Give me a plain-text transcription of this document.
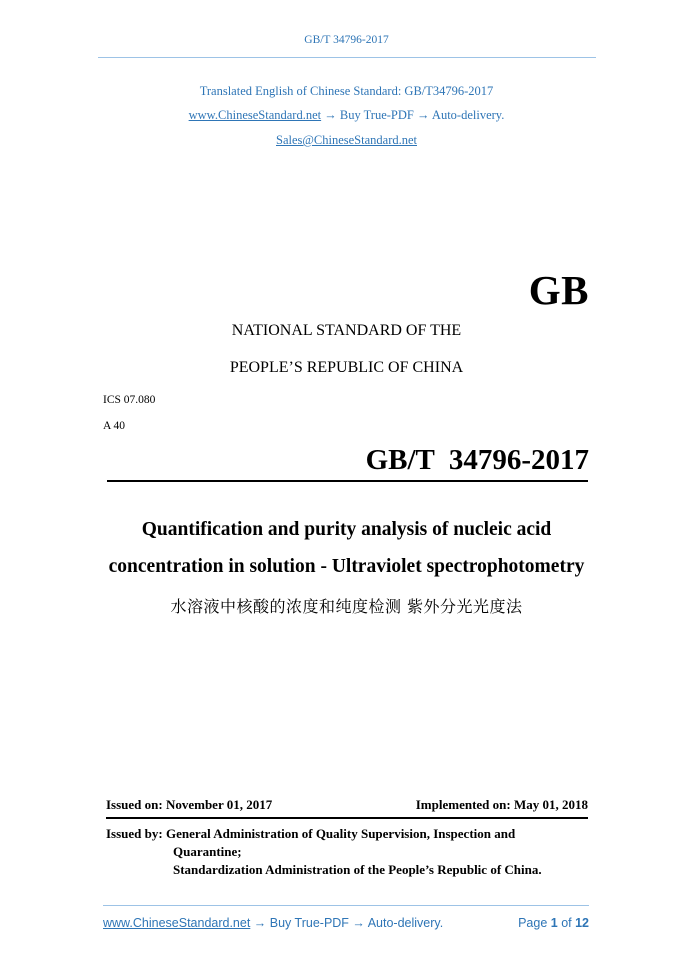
GB/T 34796-2017
Translated English of Chinese Standard: GB/T34796-2017
www.ChineseStandard.net → Buy True-PDF → Auto-delivery.
Sales@ChineseStandard.net
GB
NATIONAL STANDARD OF THE
PEOPLE’S REPUBLIC OF CHINA
ICS 07.080
A 40
GB/T  34796-2017
Quantification and purity analysis of nucleic acid
concentration in solution - Ultraviolet spectrophotometry
水溶液中核酸的浓度和纯度检测 紫外分光光度法
Issued on: November 01, 2017	Implemented on: May 01, 2018
Issued by: General Administration of Quality Supervision, Inspection and
Quarantine;
Standardization Administration of the People’s Republic of China.
www.ChineseStandard.net → Buy True-PDF → Auto-delivery.	Page 1 of 12
